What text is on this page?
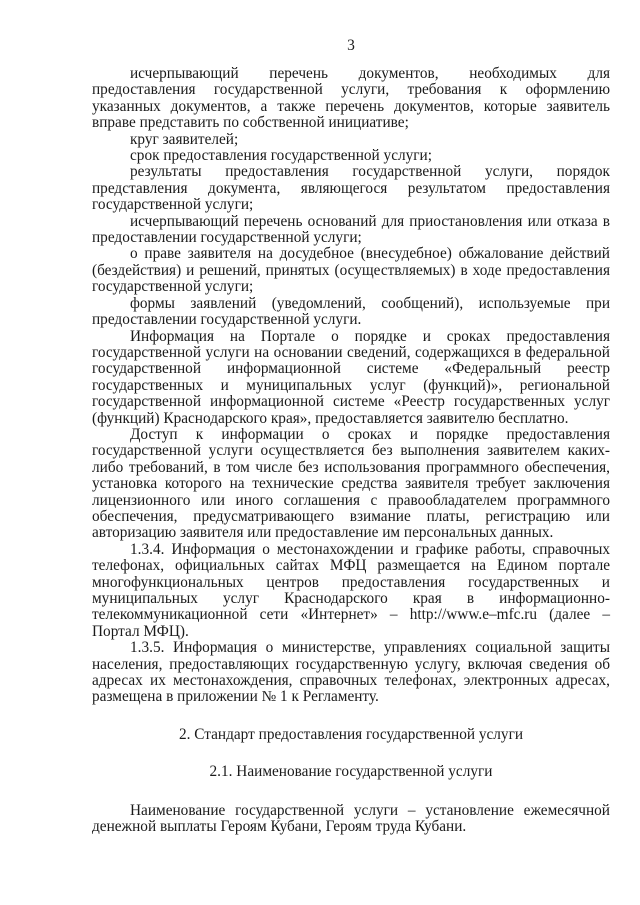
3

исчерпывающий перечень документов, необходимых для предоставления государственной услуги, требования к оформлению указанных документов, а также перечень документов, которые заявитель вправе представить по собственной инициативе;

круг заявителей;

срок предоставления государственной услуги;

результаты предоставления государственной услуги, порядок представления документа, являющегося результатом предоставления государственной услуги;

исчерпывающий перечень оснований для приостановления или отказа в предоставлении государственной услуги;

о праве заявителя на досудебное (внесудебное) обжалование действий (бездействия) и решений, принятых (осуществляемых) в ходе предоставления государственной услуги;

формы заявлений (уведомлений, сообщений), используемые при предоставлении государственной услуги.

Информация на Портале о порядке и сроках предоставления государственной услуги на основании сведений, содержащихся в федеральной государственной информационной системе «Федеральный реестр государственных и муниципальных услуг (функций)», региональной государственной информационной системе «Реестр государственных услуг (функций) Краснодарского края», предоставляется заявителю бесплатно.

Доступ к информации о сроках и порядке предоставления государственной услуги осуществляется без выполнения заявителем каких-либо требований, в том числе без использования программного обеспечения, установка которого на технические средства заявителя требует заключения лицензионного или иного соглашения с правообладателем программного обеспечения, предусматривающего взимание платы, регистрацию или авторизацию заявителя или предоставление им персональных данных.

1.3.4. Информация о местонахождении и графике работы, справочных телефонах, официальных сайтах МФЦ размещается на Едином портале многофункциональных центров предоставления государственных и муниципальных услуг Краснодарского края в информационно-телекоммуникационной сети «Интернет» – http://www.e–mfc.ru (далее – Портал МФЦ).

1.3.5. Информация о министерстве, управлениях социальной защиты населения, предоставляющих государственную услугу, включая сведения об адресах их местонахождения, справочных телефонах, электронных адресах, размещена в приложении № 1 к Регламенту.

2. Стандарт предоставления государственной услуги

2.1. Наименование государственной услуги

Наименование государственной услуги – установление ежемесячной денежной выплаты Героям Кубани, Героям труда Кубани.
